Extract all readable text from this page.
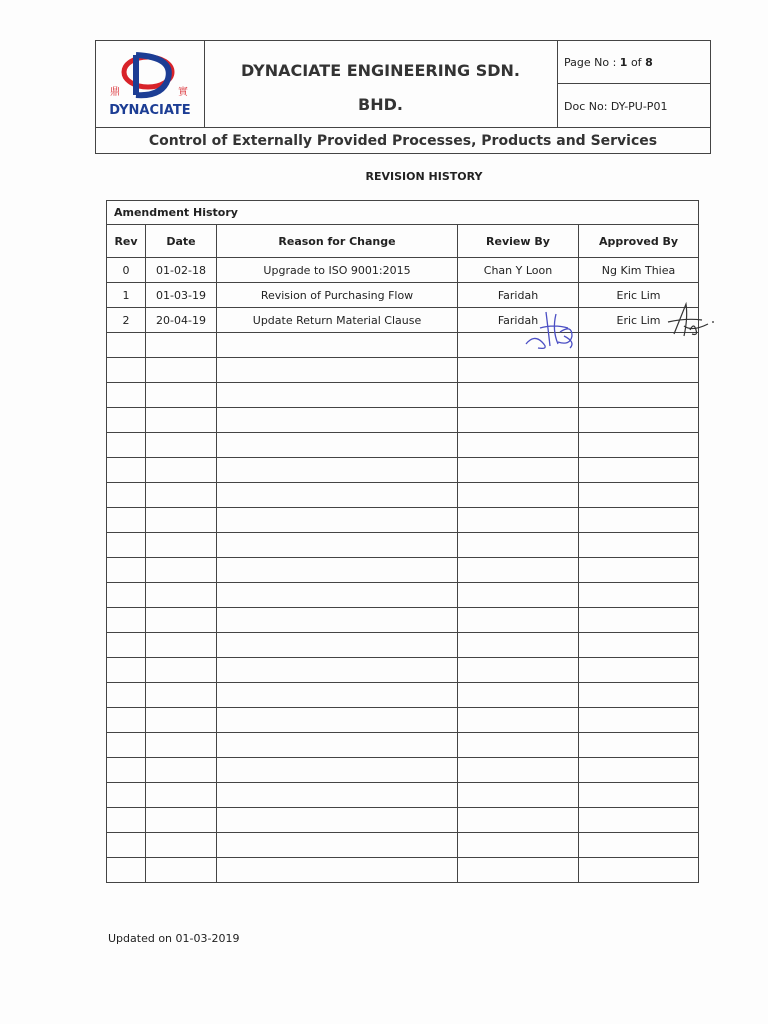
鼎	實
DYNACIATE
DYNACIATE ENGINEERING SDN.
BHD.
Page No : 1 of 8
Doc No: DY-PU-P01
Control of Externally Provided Processes, Products and Services
REVISION HISTORY
Amendment History				
Rev	Date	Reason for Change	Review By	Approved By
0	01-02-18	Upgrade to ISO 9001:2015	Chan Y Loon	Ng Kim Thiea
1	01-03-19	Revision of Purchasing Flow	Faridah	Eric Lim
2	20-04-19	Update Return Material Clause	Faridah	Eric Lim

Updated on 01-03-2019
